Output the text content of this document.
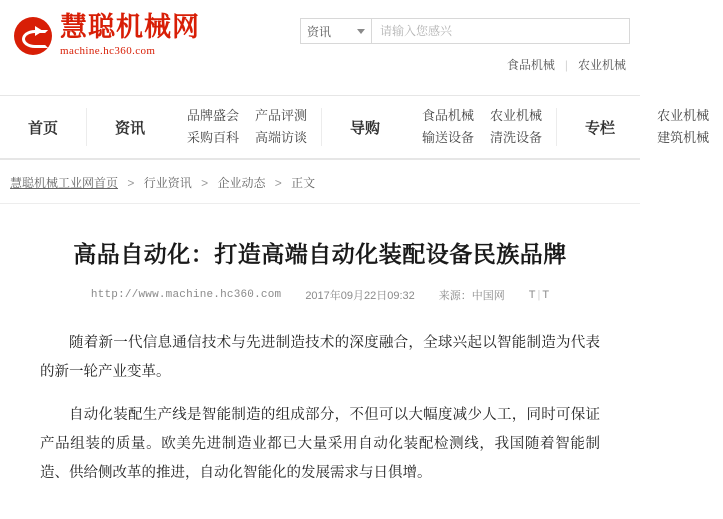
慧聪机械网
machine.hc360.com
资讯
请输入您感兴
食品机械 | 农业机械
首页	资讯
品牌盛会
采购百科
产品评测
高端访谈
导购
食品机械
输送设备
农业机械
清洗设备
专栏
农业机械
建筑机械
慧聪机械工业网首页 > 行业资讯 > 企业动态 > 正文
高品自动化：打造高端自动化装配设备民族品牌
http://www.machine.hc360.com 2017年09月22日09:32 来源：中国网 T | T

随着新一代信息通信技术与先进制造技术的深度融合，全球兴起以智能制造为代表的新一轮产业变革。

自动化装配生产线是智能制造的组成部分，不但可以大幅度减少人工，同时可保证产品组装的质量。欧美先进制造业都已大量采用自动化装配检测线，我国随着智能制造、供给侧改革的推进，自动化智能化的发展需求与日俱增。
